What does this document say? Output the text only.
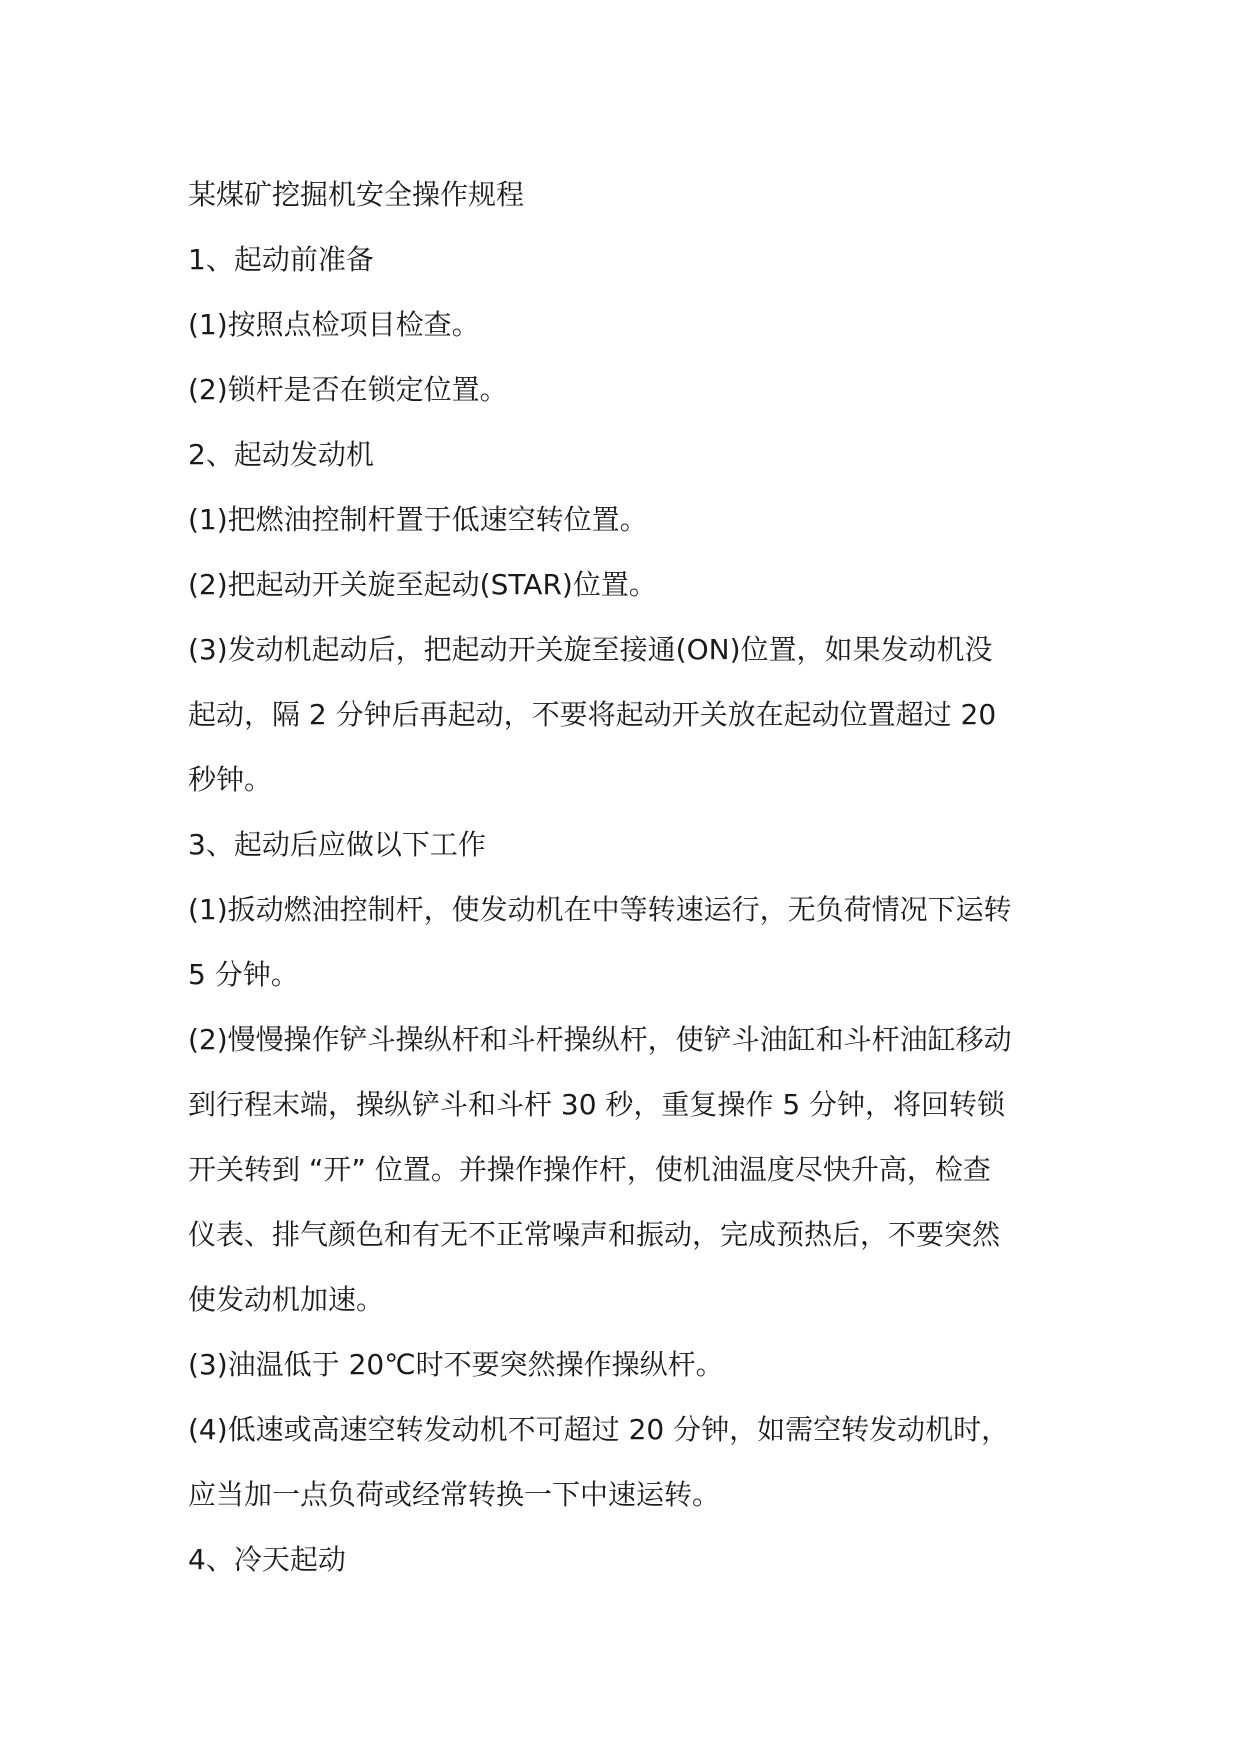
某煤矿挖掘机安全操作规程

1、起动前准备

(1)按照点检项目检查。

(2)锁杆是否在锁定位置。

2、起动发动机

(1)把燃油控制杆置于低速空转位置。

(2)把起动开关旋至起动(STAR)位置。

(3)发动机起动后，把起动开关旋至接通(ON)位置，如果发动机没

起动，隔 2 分钟后再起动，不要将起动开关放在起动位置超过 20

秒钟。

3、起动后应做以下工作

(1)扳动燃油控制杆，使发动机在中等转速运行，无负荷情况下运转

5 分钟。

(2)慢慢操作铲斗操纵杆和斗杆操纵杆，使铲斗油缸和斗杆油缸移动

到行程末端，操纵铲斗和斗杆 30 秒，重复操作 5 分钟，将回转锁

开关转到 “开” 位置。并操作操作杆，使机油温度尽快升高，检查

仪表、排气颜色和有无不正常噪声和振动，完成预热后，不要突然

使发动机加速。

(3)油温低于 20℃时不要突然操作操纵杆。

(4)低速或高速空转发动机不可超过 20 分钟，如需空转发动机时，

应当加一点负荷或经常转换一下中速运转。

4、冷天起动
